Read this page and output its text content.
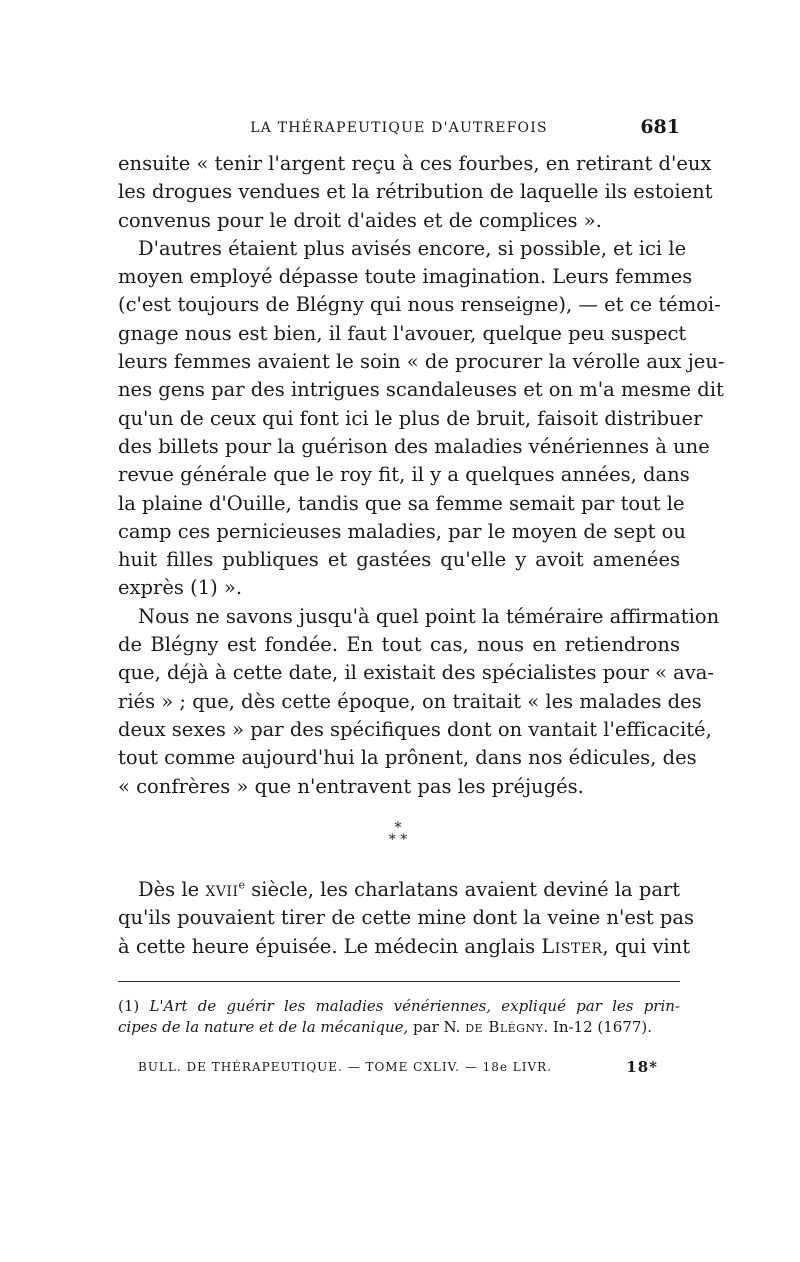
LA THÉRAPEUTIQUE D'AUTREFOIS	681

ensuite « tenir l'argent reçu à ces fourbes, en retirant d'eux
les drogues vendues et la rétribution de laquelle ils estoient
convenus pour le droit d'aides et de complices ».

D'autres étaient plus avisés encore, si possible, et ici le
moyen employé dépasse toute imagination. Leurs femmes
(c'est toujours de Blégny qui nous renseigne), — et ce témoi-
gnage nous est bien, il faut l'avouer, quelque peu suspect
leurs femmes avaient le soin « de procurer la vérolle aux jeu-
nes gens par des intrigues scandaleuses et on m'a mesme dit
qu'un de ceux qui font ici le plus de bruit, faisoit distribuer
des billets pour la guérison des maladies vénériennes à une
revue générale que le roy fit, il y a quelques années, dans
la plaine d'Ouille, tandis que sa femme semait par tout le
camp ces pernicieuses maladies, par le moyen de sept ou
huit filles publiques et gastées qu'elle y avoit amenées
exprès (1) ».

Nous ne savons jusqu'à quel point la téméraire affirmation
de Blégny est fondée. En tout cas, nous en retiendrons
que, déjà à cette date, il existait des spécialistes pour « ava-
riés » ; que, dès cette époque, on traitait « les malades des
deux sexes » par des spécifiques dont on vantait l'efficacité,
tout comme aujourd'hui la prônent, dans nos édicules, des
« confrères » que n'entravent pas les préjugés.

*
* *

Dès le xvii$^e$ siècle, les charlatans avaient deviné la part
qu'ils pouvaient tirer de cette mine dont la veine n'est pas
à cette heure épuisée. Le médecin anglais Lister, qui vint

(1) L'Art de guérir les maladies vénériennes, expliqué par les prin-
cipes de la nature et de la mécanique, par N. de Blégny. In-12 (1677).
BULL. DE THÉRAPEUTIQUE. — TOME CXLIV. — 18e LIVR.	18*
